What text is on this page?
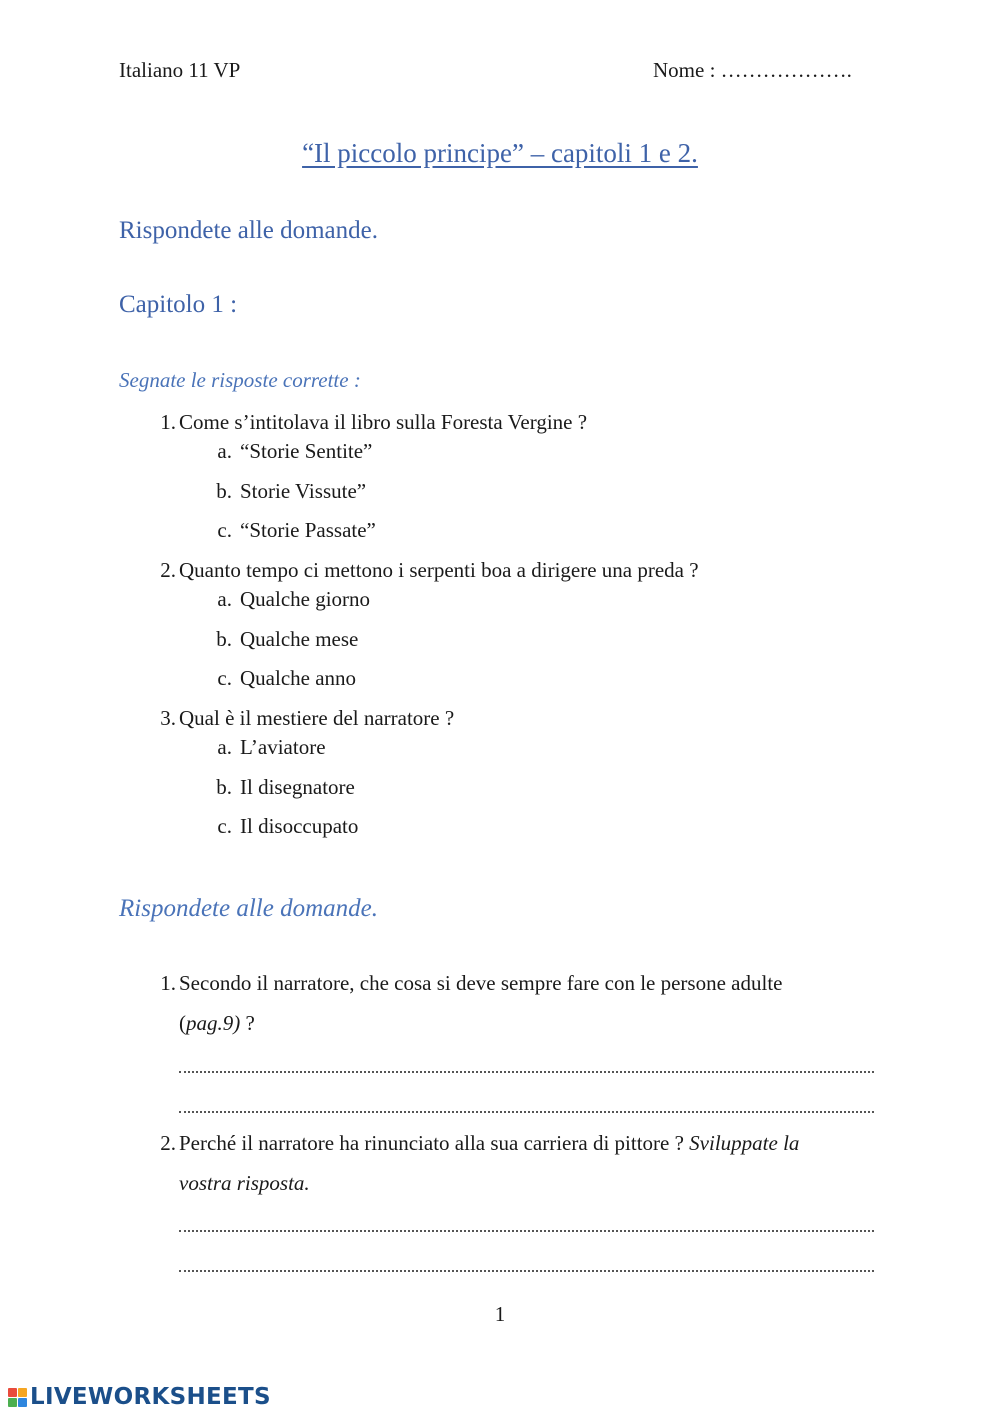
Italiano 11 VP	Nome : ……………….
“Il piccolo principe” – capitoli 1 e 2.
Rispondete alle domande.
Capitolo 1 :
Segnate le risposte corrette :
1. Come s’intitolava il libro sulla Foresta Vergine ?
a. “Storie Sentite”
b. Storie Vissute”
c. “Storie Passate”
2. Quanto tempo ci mettono i serpenti boa a dirigere una preda ?
a. Qualche giorno
b. Qualche mese
c. Qualche anno
3. Qual è il mestiere del narratore ?
a. L’aviatore
b. Il disegnatore
c. Il disoccupato
Rispondete alle domande.
1. Secondo il narratore, che cosa si deve sempre fare con le persone adulte
(pag.9) ?
2. Perché il narratore ha rinunciato alla sua carriera di pittore ? Sviluppate la
vostra risposta.
1
LIVEWORKSHEETS
